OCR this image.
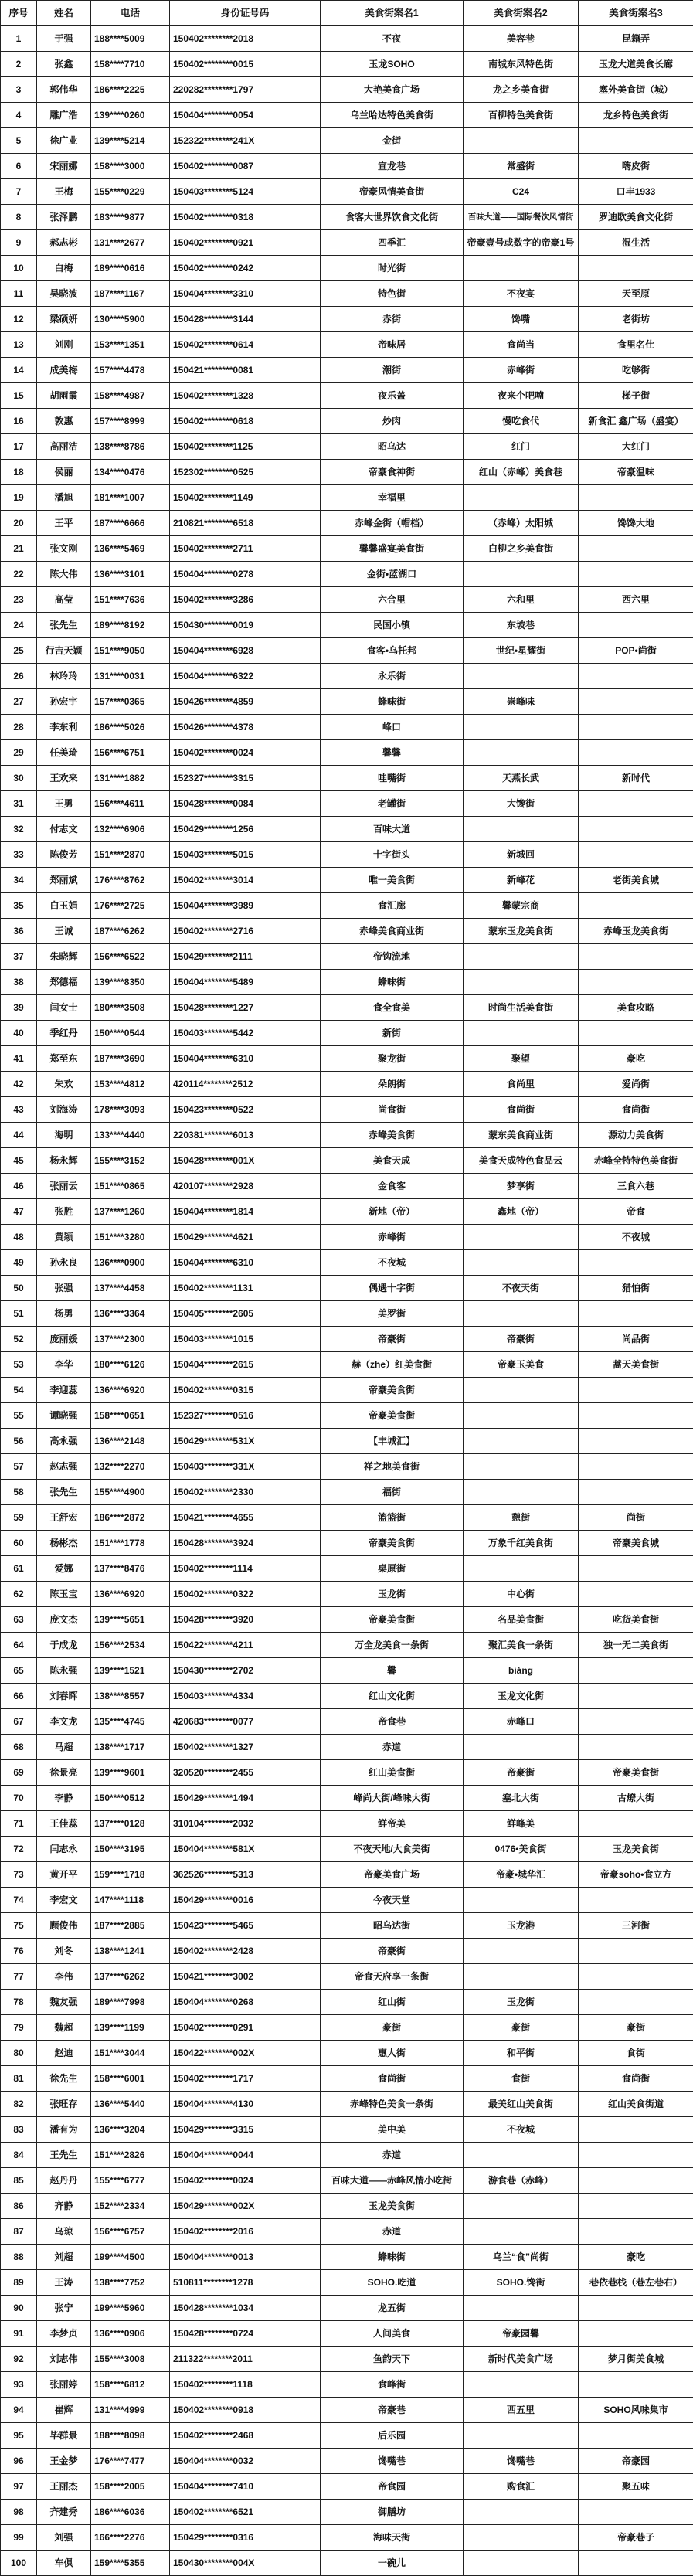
序号	姓名	电话	身份证号码	美食街案名1	美食街案名2	美食街案名3
1	于强	188****5009	150402********2018	不夜	美容巷	昆籍弄
2	张鑫	158****7710	150402********0015	玉龙SOHO	南城东风特色街	玉龙大道美食长廊
3	郭伟华	186****2225	220282********1797	大艳美食广场	龙之乡美食街	塞外美食街（城）
4	雕广浩	139****0260	150404********0054	乌兰哈达特色美食街	百柳特色美食街	龙乡特色美食街
5	徐广业	139****5214	152322********241X	金街		
6	宋丽娜	158****3000	150402********0087	宣龙巷	常盛街	嗨皮街
7	王梅	155****0229	150403********5124	帝豪风情美食街	C24	口丰1933
8	张泽鹏	183****9877	150402********0318	食客大世界饮食文化街	百味大道——国际餐饮风情街	罗迪欧美食文化街
9	郝志彬	131****2677	150402********0921	四季汇	帝豪壹号或数字的帝豪1号	湿生活
10	白梅	189****0616	150402********0242	时光街		
11	吴晓波	187****1167	150404********3310	特色街	不夜宴	天至原
12	梁硕妍	130****5900	150428********3144	赤街	馋嘴	老街坊
13	刘刚	153****1351	150402********0614	帝味居	食尚当	食里名仕
14	成美梅	157****4478	150421********0081	潮街	赤峰街	吃够街
15	胡雨霞	158****4987	150402********1328	夜乐盖	夜来个吧喃	梯子街
16	敦惠	157****8999	150402********0618	炒肉	慢吃食代	新食汇 鑫广场（盛宴）
17	高丽洁	138****8786	150402********1125	昭乌达	红门	大红门
18	侯丽	134****0476	152302********0525	帝豪食神街	红山（赤峰）美食巷	帝豪温味
19	潘旭	181****1007	150402********1149	幸福里		
20	王平	187****6666	210821********6518	赤峰金街（帽档）	（赤峰）太阳城	馋馋大地
21	张文刚	136****5469	150402********2711	馨馨盛宴美食街	白柳之乡美食街	
22	陈大伟	136****3101	150404********0278	金街•蓝湖口		
23	高莹	151****7636	150402********3286	六合里	六和里	西六里
24	张先生	189****8192	150430********0019	民国小镇	东坡巷	
25	行吉天颖	151****9050	150404********6928	食客•乌托邦	世纪•星耀街	POP•尚街
26	林玲玲	131****0031	150404********6322	永乐街		
27	孙宏宇	157****0365	150426********4859	蜂味街	崇峰味	
28	李东利	186****5026	150426********4378	峰口		
29	任美琦	156****6751	150402********0024	馨馨		
30	王欢来	131****1882	152327********3315	哇嘴街	天燕长武	新时代
31	王勇	156****4611	150428********0084	老罐街	大馋街	
32	付志文	132****6906	150429********1256	百味大道		
33	陈俊芳	151****2870	150403********5015	十字街头	新城回	
34	郑丽斌	176****8762	150402********3014	唯一美食街	新峰花	老街美食城
35	白玉娟	176****2725	150404********3989	食汇廊	馨蒙宗商	
36	王诚	187****6262	150402********2716	赤峰美食商业街	蒙东玉龙美食街	赤峰玉龙美食街
37	朱晓辉	156****6522	150429********2111	帝钩流地		
38	郑德福	139****8350	150404********5489	蜂味街		
39	闫女士	180****3508	150428********1227	食全食美	时尚生活美食街	美食攻略
40	季红丹	150****0544	150403********5442	新街		
41	郑至东	187****3690	150404********6310	聚龙街	聚望	豪吃
42	朱欢	153****4812	420114********2512	朵朗街	食尚里	爱尚街
43	刘海涛	178****3093	150423********0522	尚食街	食尚街	食尚街
44	海明	133****4440	220381********6013	赤峰美食街	蒙东美食商业街	源动力美食街
45	杨永辉	155****3152	150428********001X	美食天成	美食天成特色食品云	赤峰全特特色美食街
46	张丽云	151****0865	420107********2928	金食客	梦享街	三食六巷
47	张胜	137****1260	150404********1814	新地（帝）	鑫地（帝）	帝食
48	黄颖	151****3280	150429********4621	赤峰街		不夜城
49	孙永良	136****0900	150404********6310	不夜城		
50	张强	137****4458	150402********1131	偶遇十字街	不夜天街	猎怕街
51	杨勇	136****3364	150405********2605	美罗街		
52	庞丽媛	137****2300	150403********1015	帝豪街	帝豪街	尚品街
53	李华	180****6126	150404********2615	赫（zhe）红美食街	帝豪玉美食	蒿天美食街
54	李迎蕊	136****6920	150402********0315	帝豪美食街		
55	谭晓强	158****0651	152327********0516	帝豪美食街		
56	高永强	136****2148	150429********531X	【丰城汇】		
57	赵志强	132****2270	150403********331X	祥之地美食街		
58	张先生	155****4900	150402********2330	福街		
59	王舒宏	186****2872	150421********4655	篮篮街	憩街	尚街
60	杨彬杰	151****1778	150428********3924	帝豪美食街	万象千红美食街	帝豪美食城
61	爱娜	137****8476	150402********1114	桌原街		
62	陈玉宝	136****6920	150402********0322	玉龙街	中心街	
63	庞文杰	139****5651	150428********3920	帝豪美食街	名品美食街	吃货美食街
64	于成龙	156****2534	150422********4211	万全龙美食一条街	聚汇美食一条街	独一无二美食街
65	陈永强	139****1521	150430********2702	馨	biáng	
66	刘春晖	138****8557	150403********4334	红山文化街	玉龙文化街	
67	李文龙	135****4745	420683********0077	帝食巷	赤峰口	
68	马超	138****1717	150402********1327	赤道		
69	徐景亮	139****9601	320520********2455	红山美食街	帝豪街	帝豪美食街
70	李静	150****0512	150429********1494	峰尚大街/峰味大街	塞北大街	古燎大街
71	王佳蕊	137****0128	310104********2032	鲜帝美	鲜峰美	
72	闫志永	150****3195	150404********581X	不夜天地/大食美街	0476•美食街	玉龙美食街
73	黄开平	159****1718	362526********5313	帝豪美食广场	帝豪•城华汇	帝豪soho•食立方
74	李宏文	147****1118	150429********0016	今夜天堂		
75	顾俊伟	187****2885	150423********5465	昭乌达街	玉龙港	三河街
76	刘冬	138****1241	150402********2428	帝豪街		
77	李伟	137****6262	150421********3002	帝食天府享一条街		
78	魏友强	189****7998	150404********0268	红山街	玉龙街	
79	魏超	139****1199	150402********0291	豪街	豪街	豪街
80	赵迪	151****3044	150422********002X	惠人街	和平街	食街
81	徐先生	158****6001	150402********1717	食尚街	食街	食尚街
82	张旺存	136****5440	150404********4130	赤峰特色美食一条街	最美红山美食街	红山美食街道
83	潘有为	136****3204	150429********3315	美中美	不夜城	
84	王先生	151****2826	150404********0044	赤道		
85	赵丹丹	155****6777	150402********0024	百味大道——赤峰风情小吃街	游食巷（赤峰）	
86	齐静	152****2334	150429********002X	玉龙美食街		
87	乌琼	156****6757	150402********2016	赤道		
88	刘超	199****4500	150404********0013	蜂味街	乌兰“食”尚街	豪吃
89	王涛	138****7752	510811********1278	SOHO.吃道	SOHO.馋街	巷依巷栈（巷左巷右）
90	张宁	199****5960	150428********1034	龙五街		
91	李梦贞	136****0906	150428********0724	人间美食	帝豪园馨	
92	刘志伟	155****3008	211322********2011	鱼韵天下	新时代美食广场	梦月街美食城
93	张丽婷	158****6812	150402********1118	食峰街		
94	崔辉	131****4999	150402********0918	帝豪巷	西五里	SOHO风味集市
95	毕群景	188****8098	150402********2468	后乐园		
96	王金梦	176****7477	150404********0032	馋嘴巷	馋嘴巷	帝豪园
97	王丽杰	158****2005	150404********7410	帝食园	购食汇	聚五味
98	齐建秀	186****6036	150402********6521	御膳坊		
99	刘强	166****2276	150429********0316	海味天街		帝豪巷子
100	车俱	159****5355	150430********004X	一碗儿		
